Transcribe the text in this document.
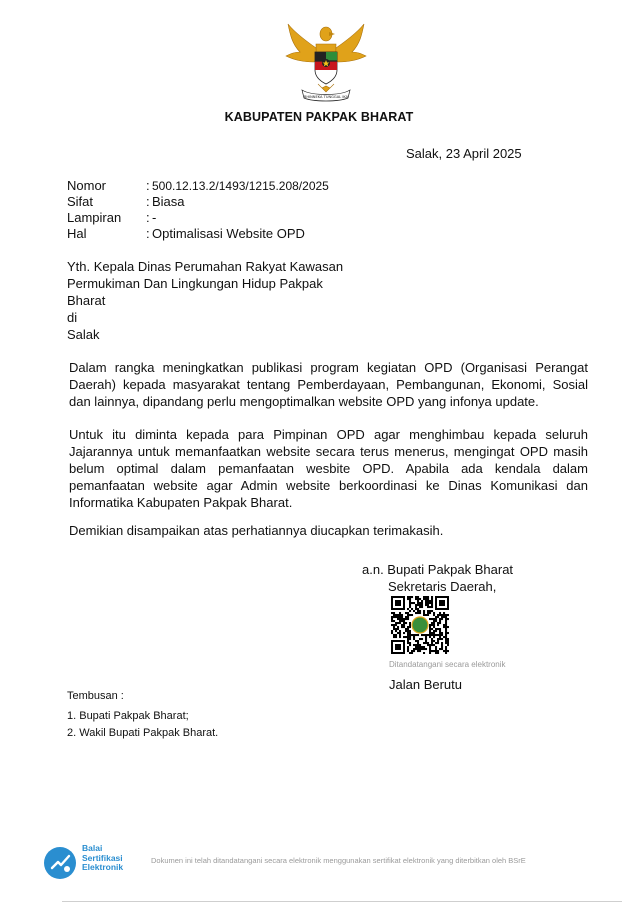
BHINNEKA TUNGGAL IKA
KABUPATEN PAKPAK BHARAT
Salak, 23 April 2025
Nomor	: 500.12.13.2/1493/1215.208/2025
Sifat	: Biasa
Lampiran	: -
Hal	: Optimalisasi Website OPD
Yth. Kepala Dinas Perumahan Rakyat Kawasan
Permukiman Dan Lingkungan Hidup Pakpak
Bharat
di
Salak
Dalam rangka meningkatkan publikasi program kegiatan OPD (Organisasi Perangat Daerah) kepada masyarakat tentang Pemberdayaan, Pembangunan, Ekonomi, Sosial dan lainnya, dipandang perlu mengoptimalkan website OPD yang infonya update.
Untuk itu diminta kepada para Pimpinan OPD agar menghimbau kepada seluruh Jajarannya untuk memanfaatkan website secara terus menerus, mengingat OPD masih belum optimal dalam pemanfaatan wesbite OPD. Apabila ada kendala dalam pemanfaatan website agar Admin website berkoordinasi ke Dinas Komunikasi dan Informatika Kabupaten Pakpak Bharat.
Demikian disampaikan atas perhatiannya diucapkan terimakasih.
a.n. Bupati Pakpak Bharat
Sekretaris Daerah,
Ditandatangani secara elektronik
Jalan Berutu
Tembusan :
1. Bupati Pakpak Bharat;
2. Wakil Bupati Pakpak Bharat.
Balai
Sertifikasi
Elektronik
Dokumen ini telah ditandatangani secara elektronik menggunakan sertifikat elektronik yang diterbitkan oleh BSrE
